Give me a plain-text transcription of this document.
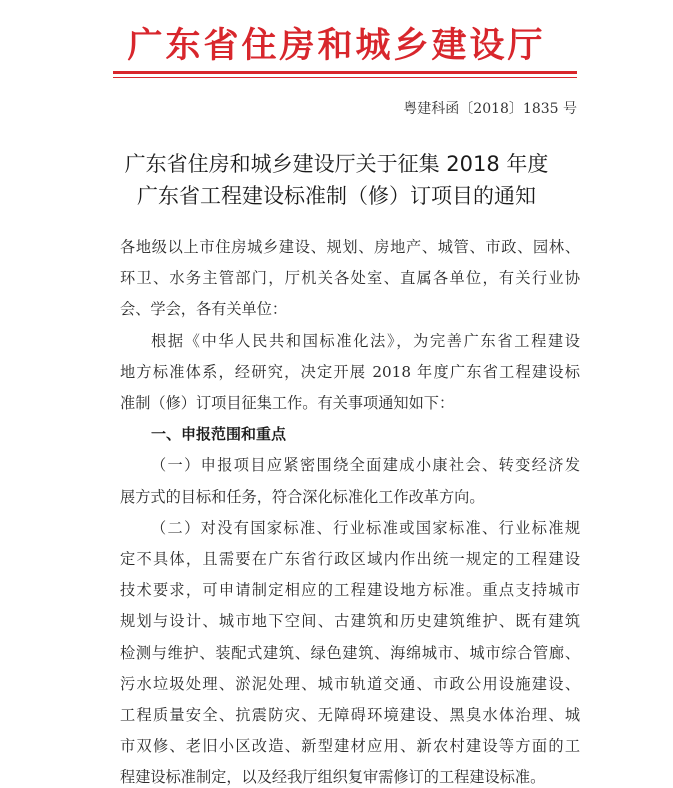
广东省住房和城乡建设厅
粤建科函〔2018〕1835 号
广东省住房和城乡建设厅关于征集 2018 年度
广东省工程建设标准制（修）订项目的通知
各地级以上市住房城乡建设、规划、房地产、城管、市政、园林、
环卫、水务主管部门，厅机关各处室、直属各单位，有关行业协
会、学会，各有关单位：
根据《中华人民共和国标准化法》，为完善广东省工程建设
地方标准体系，经研究，决定开展 2018 年度广东省工程建设标
准制（修）订项目征集工作。有关事项通知如下：
一、申报范围和重点
（一）申报项目应紧密围绕全面建成小康社会、转变经济发
展方式的目标和任务，符合深化标准化工作改革方向。
（二）对没有国家标准、行业标准或国家标准、行业标准规
定不具体，且需要在广东省行政区域内作出统一规定的工程建设
技术要求，可申请制定相应的工程建设地方标准。重点支持城市
规划与设计、城市地下空间、古建筑和历史建筑维护、既有建筑
检测与维护、装配式建筑、绿色建筑、海绵城市、城市综合管廊、
污水垃圾处理、淤泥处理、城市轨道交通、市政公用设施建设、
工程质量安全、抗震防灾、无障碍环境建设、黑臭水体治理、城
市双修、老旧小区改造、新型建材应用、新农村建设等方面的工
程建设标准制定，以及经我厅组织复审需修订的工程建设标准。
